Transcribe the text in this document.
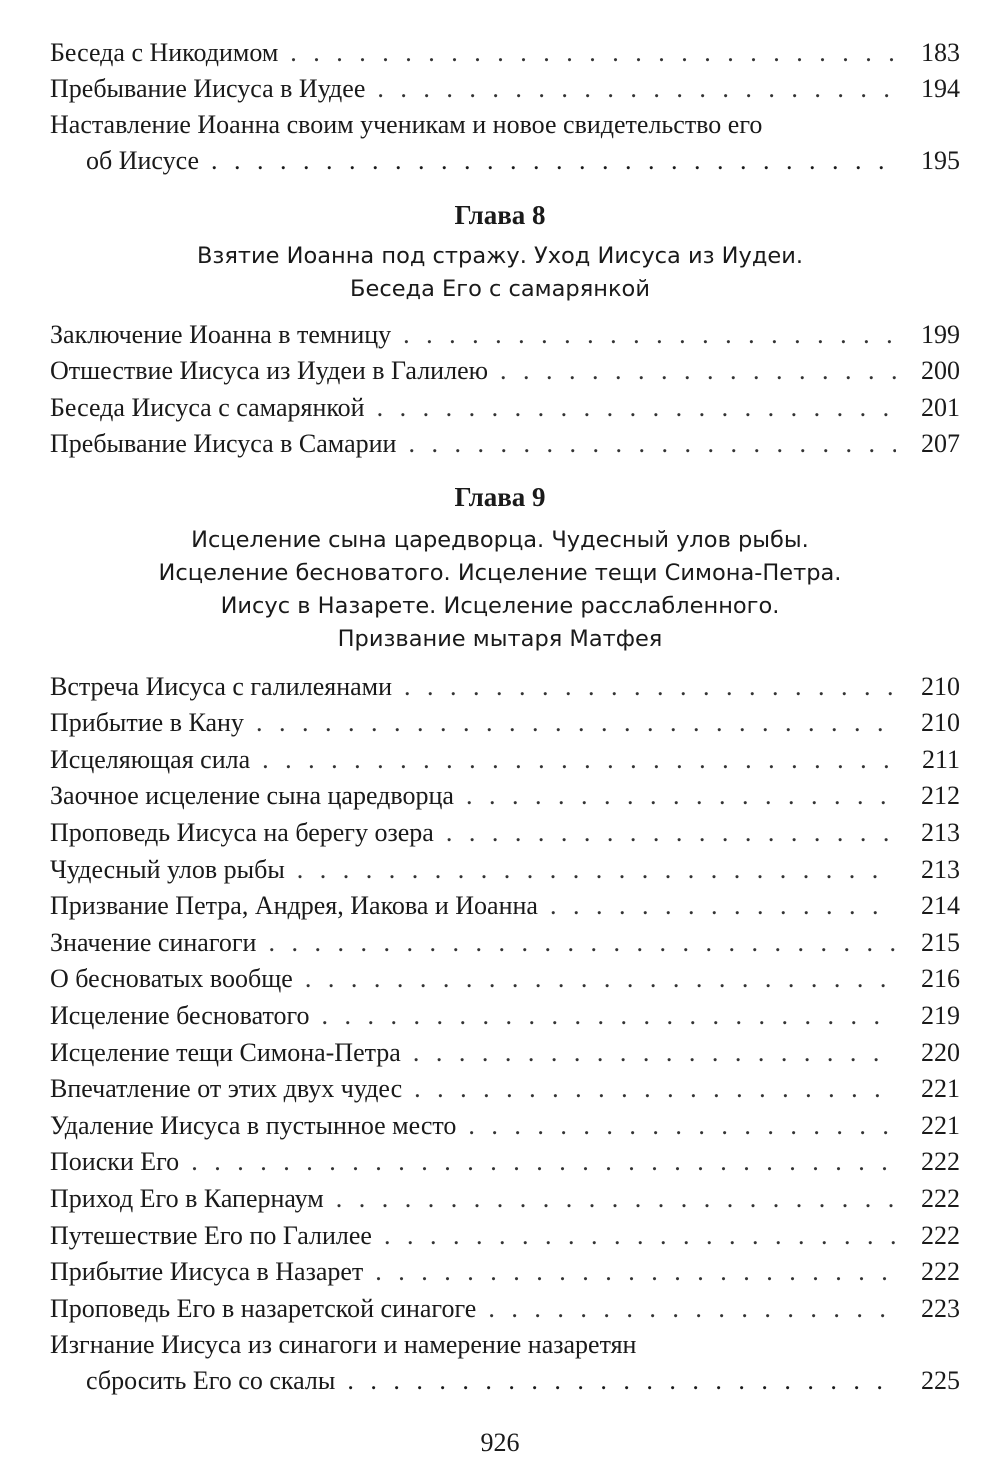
Беседа с Никодимом . . .	183
Пребывание Иисуса в Иудее . . .	194
Наставление Иоанна своим ученикам и новое свидетельство его
об Иисусе . . .	195
Глава 8
Взятие Иоанна под стражу. Уход Иисуса из Иудеи.
Беседа Его с самарянкой
Заключение Иоанна в темницу . . .	199
Отшествие Иисуса из Иудеи в Галилею . . .	200
Беседа Иисуса с самарянкой . . .	201
Пребывание Иисуса в Самарии . . .	207
Глава 9
Исцеление сына царедворца. Чудесный улов рыбы.
Исцеление бесноватого. Исцеление тещи Симона-Петра.
Иисус в Назарете. Исцеление расслабленного.
Призвание мытаря Матфея
Встреча Иисуса с галилеянами . . .	210
Прибытие в Кану . . .	210
Исцеляющая сила . . .	211
Заочное исцеление сына царедворца . . .	212
Проповедь Иисуса на берегу озера . . .	213
Чудесный улов рыбы . . .	213
Призвание Петра, Андрея, Иакова и Иоанна . . .	214
Значение синагоги . . .	215
О бесноватых вообще . . .	216
Исцеление бесноватого . . .	219
Исцеление тещи Симона-Петра . . .	220
Впечатление от этих двух чудес . . .	221
Удаление Иисуса в пустынное место . . .	221
Поиски Его . . .	222
Приход Его в Капернаум . . .	222
Путешествие Его по Галилее . . .	222
Прибытие Иисуса в Назарет . . .	222
Проповедь Его в назаретской синагоге . . .	223
Изгнание Иисуса из синагоги и намерение назаретян
сбросить Его со скалы . . .	225
926
